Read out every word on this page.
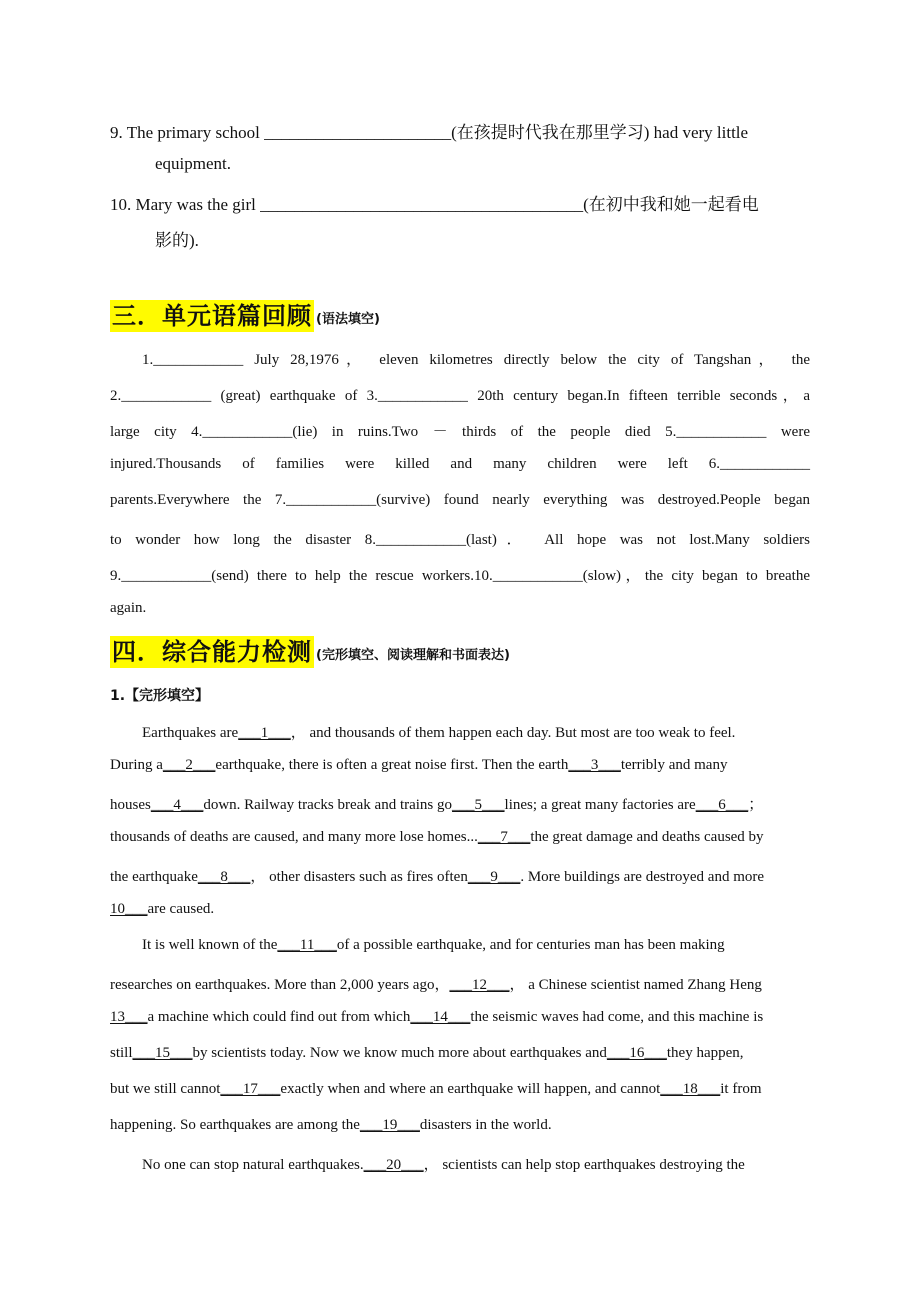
9. The primary school ______________________(在孩提时代我在那里学习) had very little
equipment.
10. Mary was the girl ______________________________________(在初中我和她一起看电
影的).
三．单元语篇回顾 (语法填空)
1.____________ July 28,1976， eleven kilometres directly below the city of Tangshan， the
2.____________ (great) earthquake of 3.____________ 20th century began.In fifteen terrible seconds，a
large city 4.____________(lie) in ruins.Two － thirds of the people died 5.____________ were
injured.Thousands of families were killed and many children were left 6.____________
parents.Everywhere the 7.____________(survive) found nearly everything was destroyed.People began
to wonder how long the disaster 8.____________(last)． All hope was not lost.Many soldiers
9.____________(send) there to help the rescue workers.10.____________(slow)，the city began to breathe
again.
四．综合能力检测 (完形填空、阅读理解和书面表达)
1.【完形填空】
Earthquakes are___1___， and thousands of them happen each day. But most are too weak to feel.
During a___2___earthquake, there is often a great noise first. Then the earth___3___terribly and many
houses___4___down. Railway tracks break and trains go___5___lines; a great many factories are___6___；
thousands of deaths are caused, and many more lose homes...___7___the great damage and deaths caused by
the earthquake___8___， other disasters such as fires often___9___. More buildings are destroyed and more
10___are caused.
It is well known of the___11___of a possible earthquake, and for centuries man has been making
researches on earthquakes. More than 2,000 years ago，___12___， a Chinese scientist named Zhang Heng
13___a machine which could find out from which___14___the seismic waves had come, and this machine is
still___15___by scientists today. Now we know much more about earthquakes and___16___they happen,
but we still cannot___17___exactly when and where an earthquake will happen, and cannot___18___it from
happening. So earthquakes are among the___19___disasters in the world.
No one can stop natural earthquakes.___20___， scientists can help stop earthquakes destroying the
